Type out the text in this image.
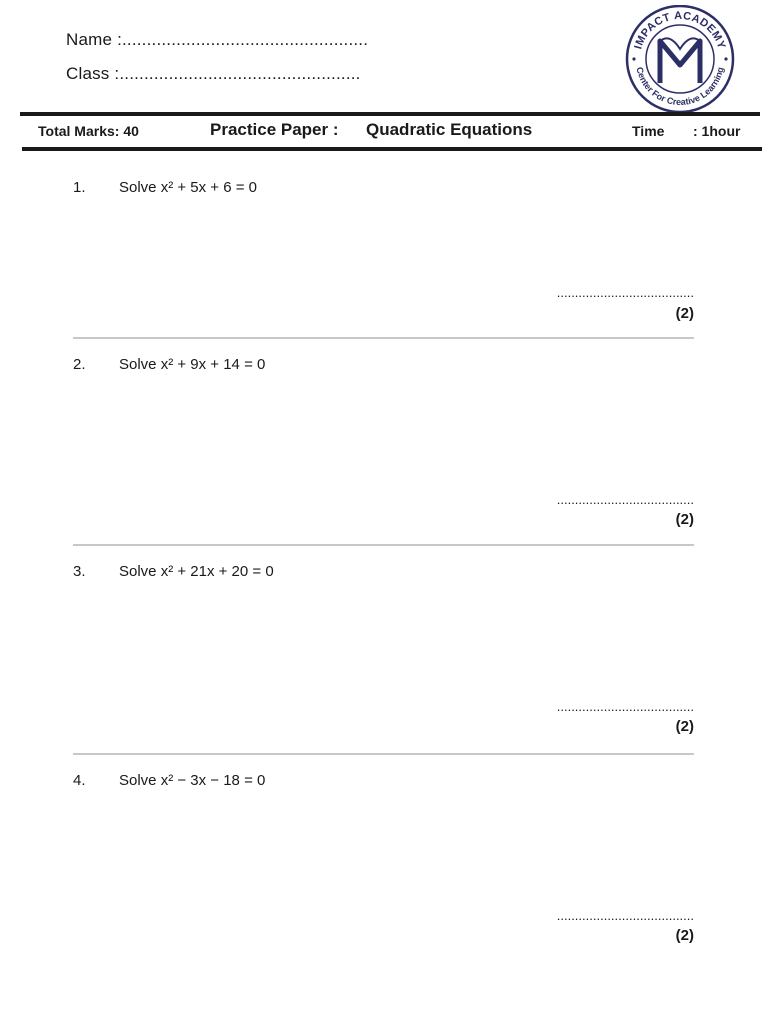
Name :..................................................
Class :.................................................
IMPACT ACADEMY
Center For Creative Learning
Total Marks: 40	Practice Paper : Quadratic Equations	Time : 1hour
1. Solve x² + 5x + 6 = 0
......................................
(2)
2. Solve x² + 9x + 14 = 0
......................................
(2)
3. Solve x² + 21x + 20 = 0
......................................
(2)
4. Solve x² − 3x − 18 = 0
......................................
(2)
